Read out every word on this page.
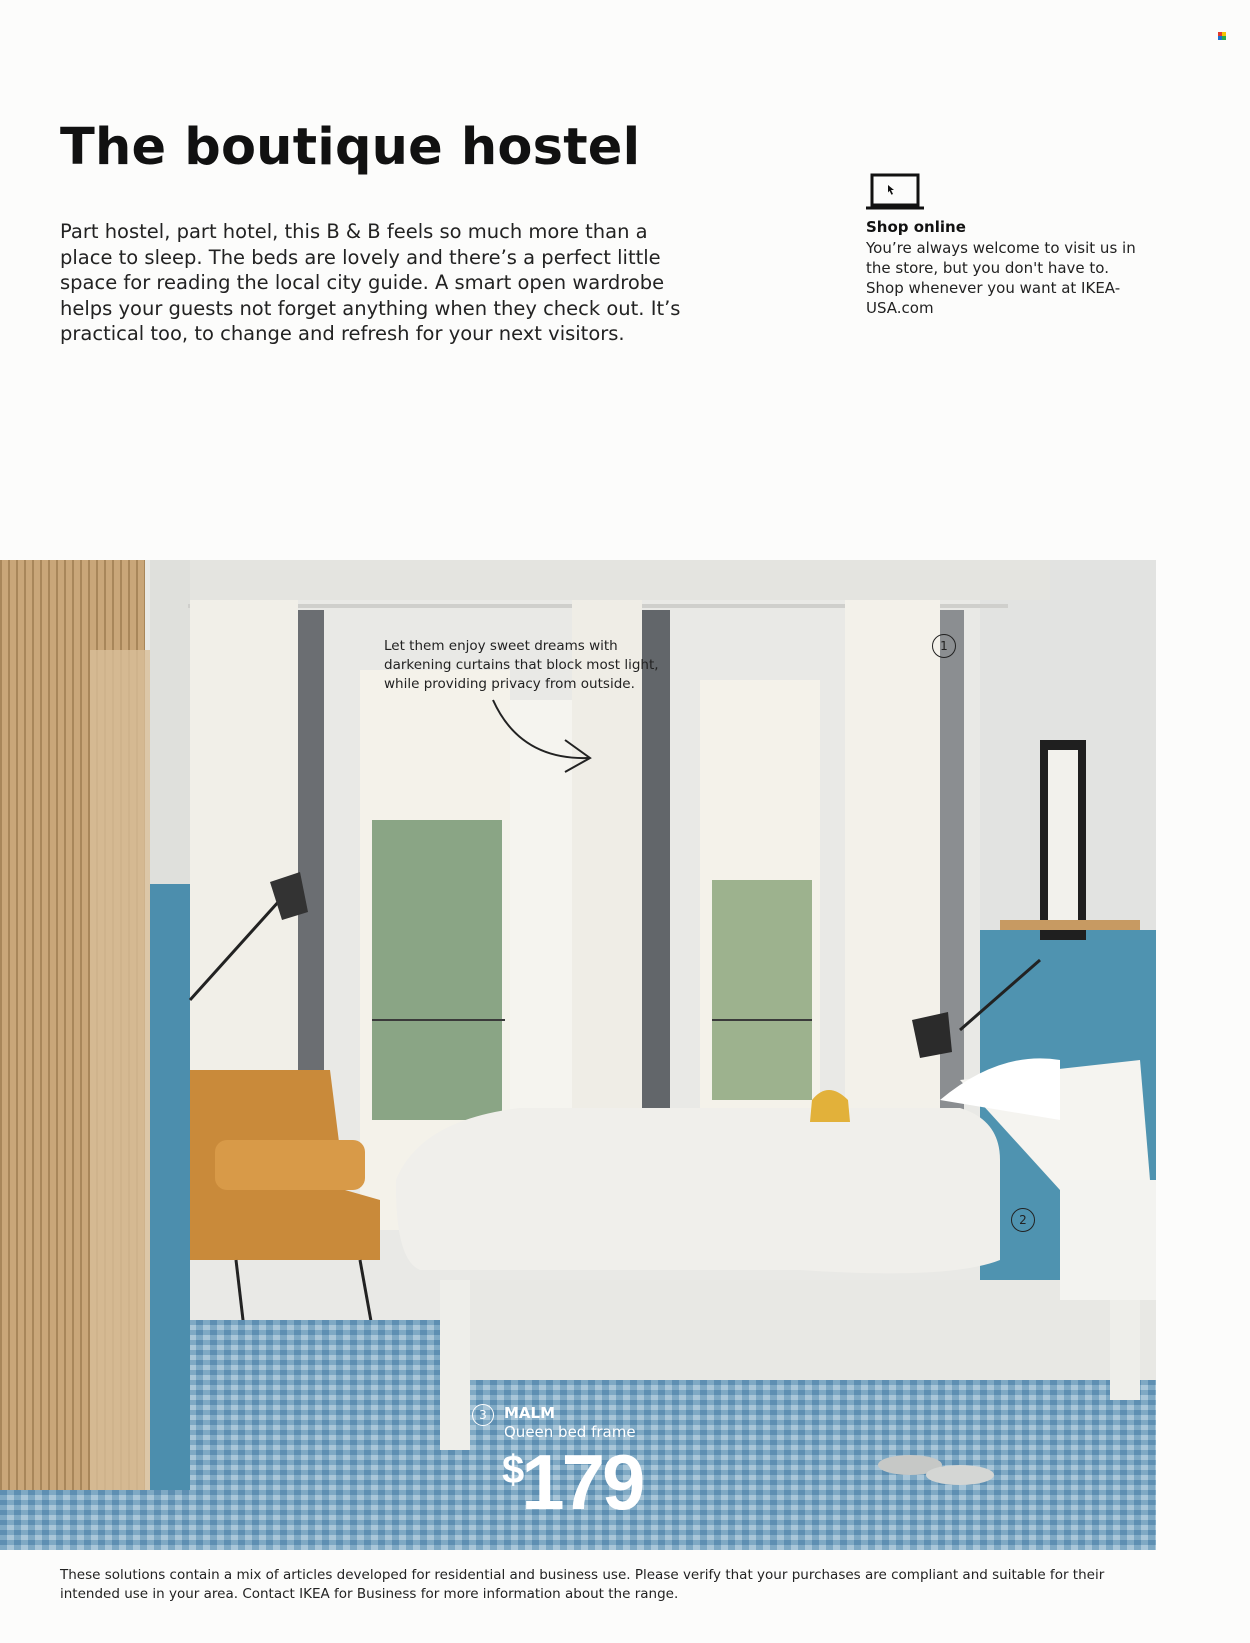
The boutique hostel

Part hostel, part hotel, this B & B feels so much more than a place to sleep. The beds are lovely and there’s a perfect little space for reading the local city guide. A smart open wardrobe helps your guests not forget anything when they check out. It’s practical too, to change and refresh for your next visitors.

Shop online

You’re always welcome to visit us in the store, but you don't have to. Shop whenever you want at IKEA-USA.com

Let them enjoy sweet dreams with darkening curtains that block most light, while providing privacy from outside.

1
2
3	MALM
Queen bed frame
$179

These solutions contain a mix of articles developed for residential and business use. Please verify that your purchases are compliant and suitable for their intended use in your area. Contact IKEA for Business for more information about the range.
